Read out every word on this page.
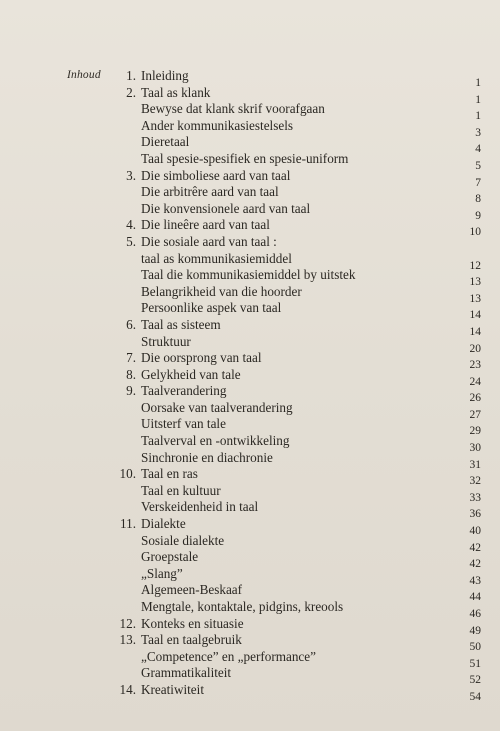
Inhoud 1. Inleiding	1
2. Taal as klank	1
Bewyse dat klank skrif voorafgaan	1
Ander kommunikasiestelsels	3
Dieretaal	4
Taal spesie-spesifiek en spesie-uniform	5
3. Die simboliese aard van taal	7
Die arbitrêre aard van taal	8
Die konvensionele aard van taal	9
4. Die lineêre aard van taal	10
5. Die sosiale aard van taal :
taal as kommunikasiemiddel	12
Taal die kommunikasiemiddel by uitstek	13
Belangrikheid van die hoorder	13
Persoonlike aspek van taal	14
6. Taal as sisteem	14
Struktuur	20
7. Die oorsprong van taal	23
8. Gelykheid van tale	24
9. Taalverandering	26
Oorsake van taalverandering	27
Uitsterf van tale	29
Taalverval en -ontwikkeling	30
Sinchronie en diachronie	31
10. Taal en ras	32
Taal en kultuur	33
Verskeidenheid in taal	36
11. Dialekte	40
Sosiale dialekte	42
Groepstale	42
„Slang”	43
Algemeen-Beskaaf	44
Mengtale, kontaktale, pidgins, kreools	46
12. Konteks en situasie	49
13. Taal en taalgebruik	50
„Competence” en „performance”	51
Grammatikaliteit	52
14. Kreatiwiteit	54
